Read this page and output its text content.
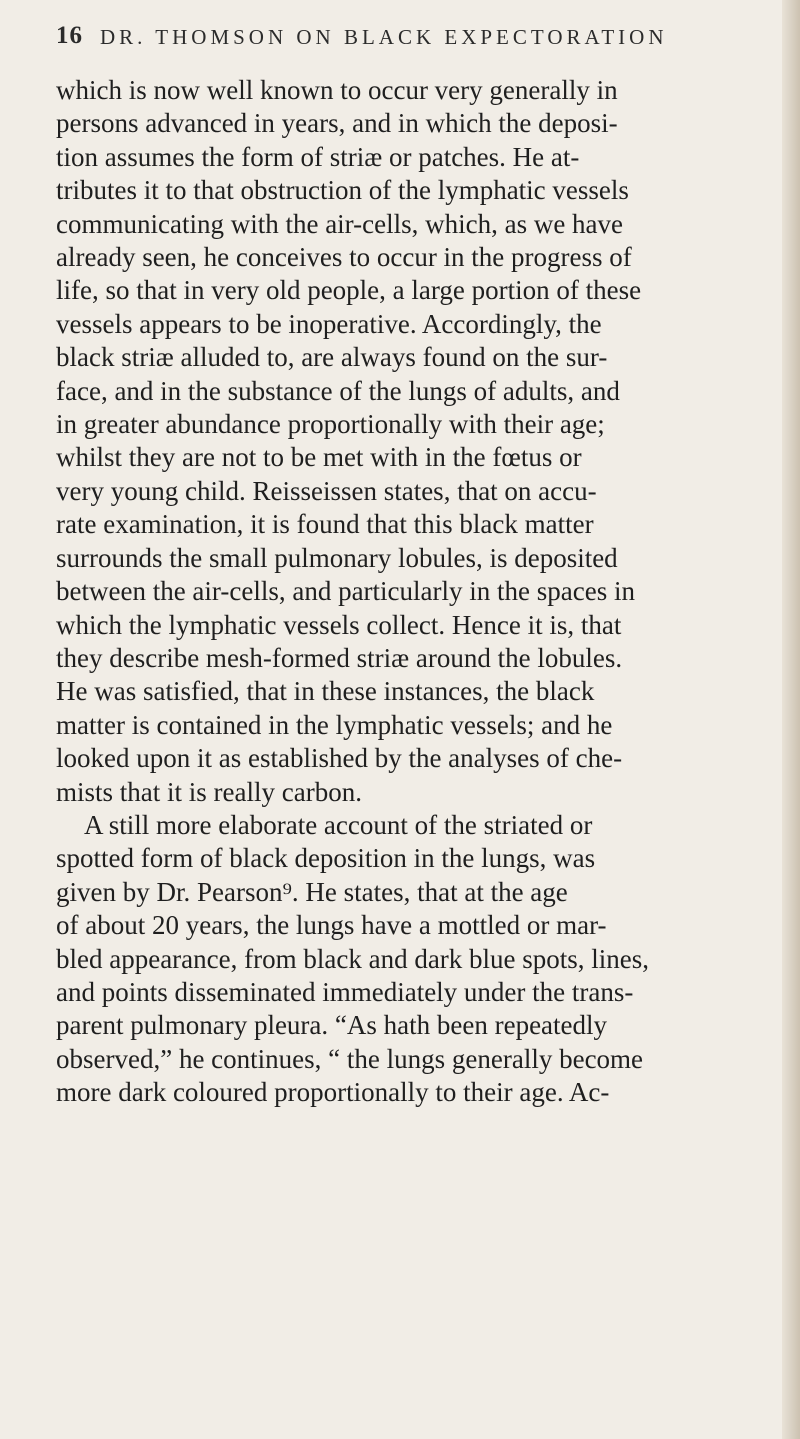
16 DR. THOMSON ON BLACK EXPECTORATION
which is now well known to occur very generally in
persons advanced in years, and in which the deposi-
tion assumes the form of striæ or patches. He at-
tributes it to that obstruction of the lymphatic vessels
communicating with the air-cells, which, as we have
already seen, he conceives to occur in the progress of
life, so that in very old people, a large portion of these
vessels appears to be inoperative. Accordingly, the
black striæ alluded to, are always found on the sur-
face, and in the substance of the lungs of adults, and
in greater abundance proportionally with their age;
whilst they are not to be met with in the fœtus or
very young child. Reisseissen states, that on accu-
rate examination, it is found that this black matter
surrounds the small pulmonary lobules, is deposited
between the air-cells, and particularly in the spaces in
which the lymphatic vessels collect. Hence it is, that
they describe mesh-formed striæ around the lobules.
He was satisfied, that in these instances, the black
matter is contained in the lymphatic vessels; and he
looked upon it as established by the analyses of che-
mists that it is really carbon.
A still more elaborate account of the striated or
spotted form of black deposition in the lungs, was
given by Dr. Pearson⁹. He states, that at the age
of about 20 years, the lungs have a mottled or mar-
bled appearance, from black and dark blue spots, lines,
and points disseminated immediately under the trans-
parent pulmonary pleura. “As hath been repeatedly
observed,” he continues, “ the lungs generally become
more dark coloured proportionally to their age. Ac-
